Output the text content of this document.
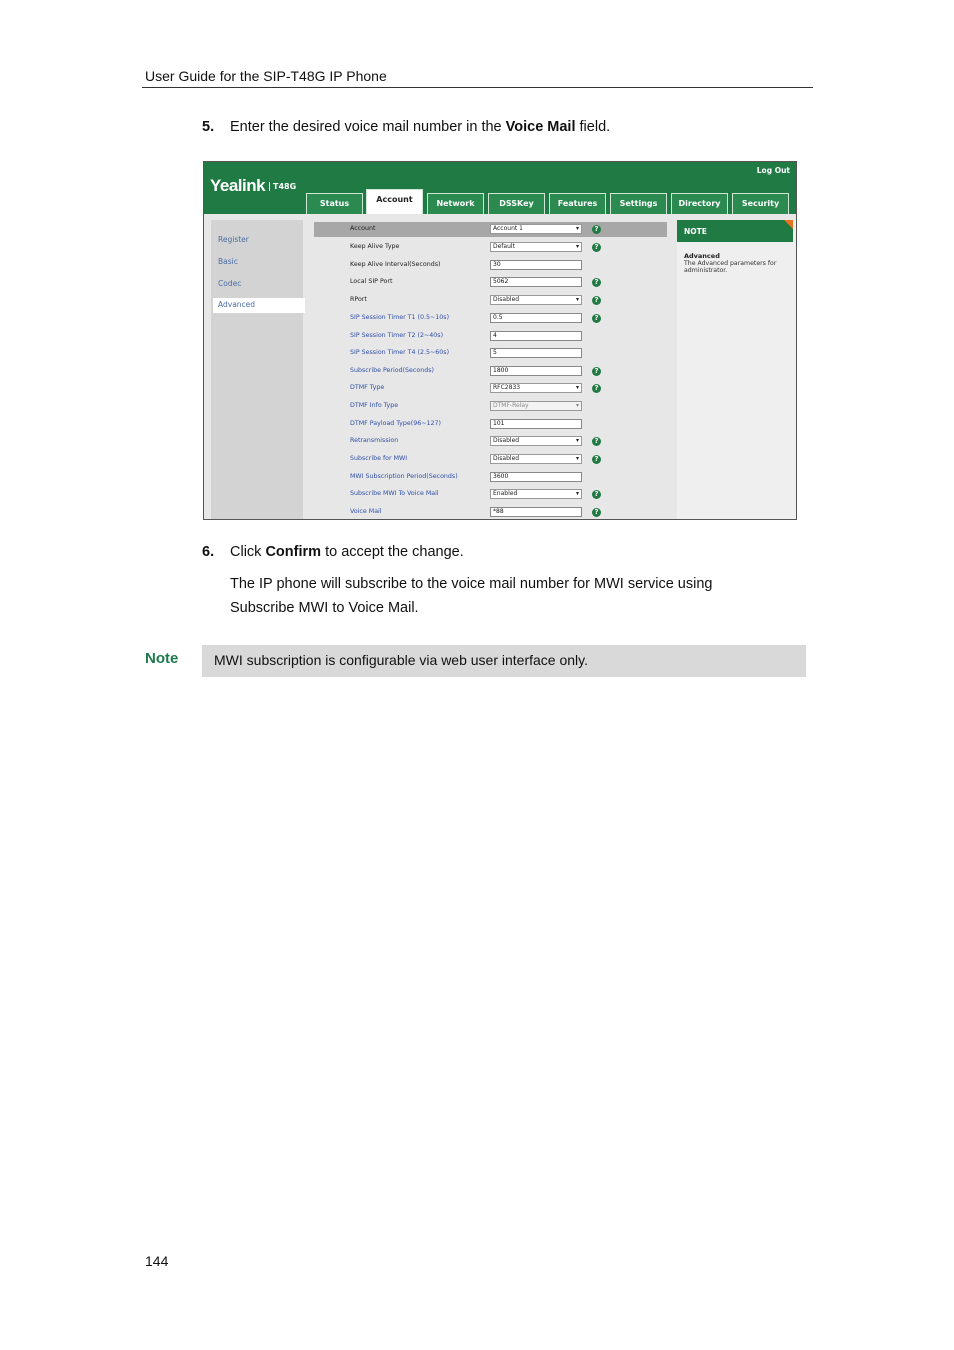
User Guide for the SIP-T48G IP Phone
5. Enter the desired voice mail number in the Voice Mail field.
Yealink T48G
Log Out
Status	Account	Network	DSSKey	Features	Settings	Directory	Security
Register
Basic
Codec
Advanced
Account	Account 1	▾	?
Keep Alive Type	Default	▾	?
Keep Alive Interval(Seconds)	30
Local SIP Port	5062	?
RPort	Disabled	▾	?
SIP Session Timer T1 (0.5~10s)	0.5	?
SIP Session Timer T2 (2~40s)	4
SIP Session Timer T4 (2.5~60s)	5
Subscribe Period(Seconds)	1800	?
DTMF Type	RFC2833	▾	?
DTMF Info Type	DTMF-Relay	▾
DTMF Payload Type(96~127)	101
Retransmission	Disabled	▾	?
Subscribe for MWI	Disabled	▾	?
MWI Subscription Period(Seconds)	3600
Subscribe MWI To Voice Mail	Enabled	▾	?
Voice Mail	*88	?
NOTE
Advanced
The Advanced parameters for administrator.
6. Click Confirm to accept the change.
The IP phone will subscribe to the voice mail number for MWI service using
Subscribe MWI to Voice Mail.
Note	MWI subscription is configurable via web user interface only.
144
